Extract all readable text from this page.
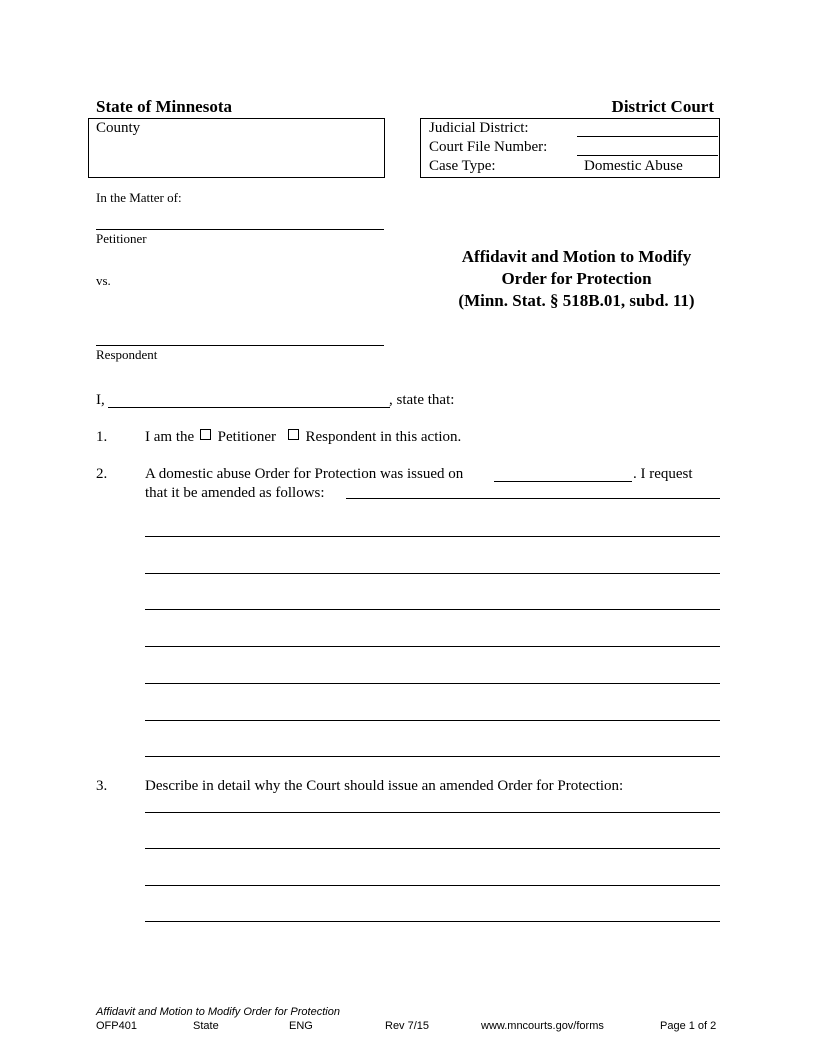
State of Minnesota	District Court
County	Judicial District:
Court File Number:
Case Type:	Domestic Abuse
In the Matter of:
Petitioner
vs.
Respondent
Affidavit and Motion to Modify
Order for Protection
(Minn. Stat. § 518B.01, subd. 11)
I,	, state that:
1.	I am the Petitioner Respondent in this action.
2.	A domestic abuse Order for Protection was issued on	. I request
that it be amended as follows:
3.	Describe in detail why the Court should issue an amended Order for Protection:
Affidavit and Motion to Modify Order for Protection
OFP401	State	ENG	Rev 7/15	www.mncourts.gov/forms	Page 1 of 2
